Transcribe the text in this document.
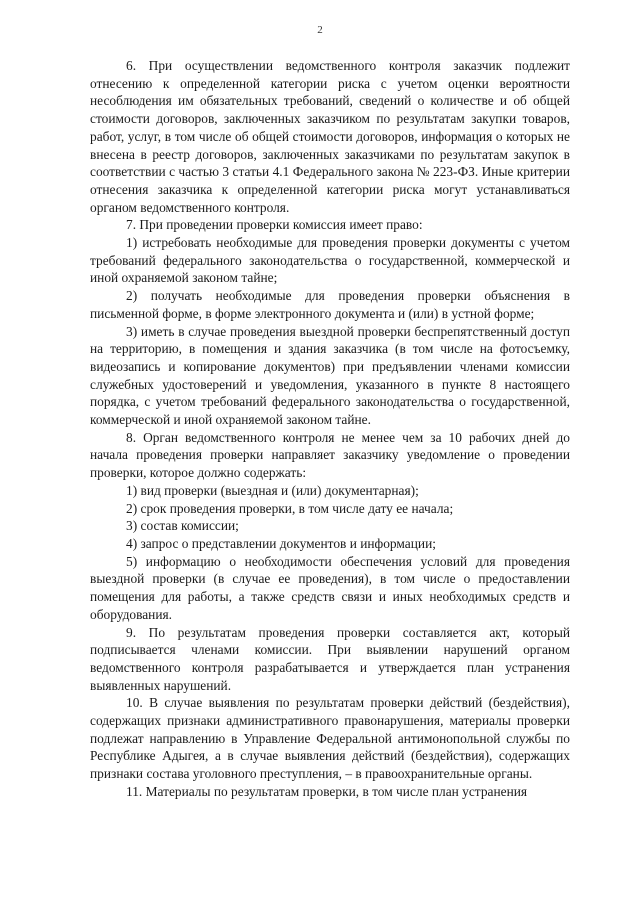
2

6. При осуществлении ведомственного контроля заказчик подлежит отнесению к определенной категории риска с учетом оценки вероятности несоблюдения им обязательных требований, сведений о количестве и об общей стоимости договоров, заключенных заказчиком по результатам закупки товаров, работ, услуг, в том числе об общей стоимости договоров, информация о которых не внесена в реестр договоров, заключенных заказчиками по результатам закупок в соответствии с частью 3 статьи 4.1 Федерального закона № 223-ФЗ. Иные критерии отнесения заказчика к определенной категории риска могут устанавливаться органом ведомственного контроля.

7. При проведении проверки комиссия имеет право:

1) истребовать необходимые для проведения проверки документы с учетом требований федерального законодательства о государственной, коммерческой и иной охраняемой законом тайне;

2) получать необходимые для проведения проверки объяснения в письменной форме, в форме электронного документа и (или) в устной форме;

3) иметь в случае проведения выездной проверки беспрепятственный доступ на территорию, в помещения и здания заказчика (в том числе на фотосъемку, видеозапись и копирование документов) при предъявлении членами комиссии служебных удостоверений и уведомления, указанного в пункте 8 настоящего порядка, с учетом требований федерального законодательства о государственной, коммерческой и иной охраняемой законом тайне.

8. Орган ведомственного контроля не менее чем за 10 рабочих дней до начала проведения проверки направляет заказчику уведомление о проведении проверки, которое должно содержать:

1) вид проверки (выездная и (или) документарная);

2) срок проведения проверки, в том числе дату ее начала;

3) состав комиссии;

4) запрос о представлении документов и информации;

5) информацию о необходимости обеспечения условий для проведения выездной проверки (в случае ее проведения), в том числе о предоставлении помещения для работы, а также средств связи и иных необходимых средств и оборудования.

9. По результатам проведения проверки составляется акт, который подписывается членами комиссии. При выявлении нарушений органом ведомственного контроля разрабатывается и утверждается план устранения выявленных нарушений.

10. В случае выявления по результатам проверки действий (бездействия), содержащих признаки административного правонарушения, материалы проверки подлежат направлению в Управление Федеральной антимонопольной службы по Республике Адыгея, а в случае выявления действий (бездействия), содержащих признаки состава уголовного преступления, – в правоохранительные органы.

11. Материалы по результатам проверки, в том числе план устранения
